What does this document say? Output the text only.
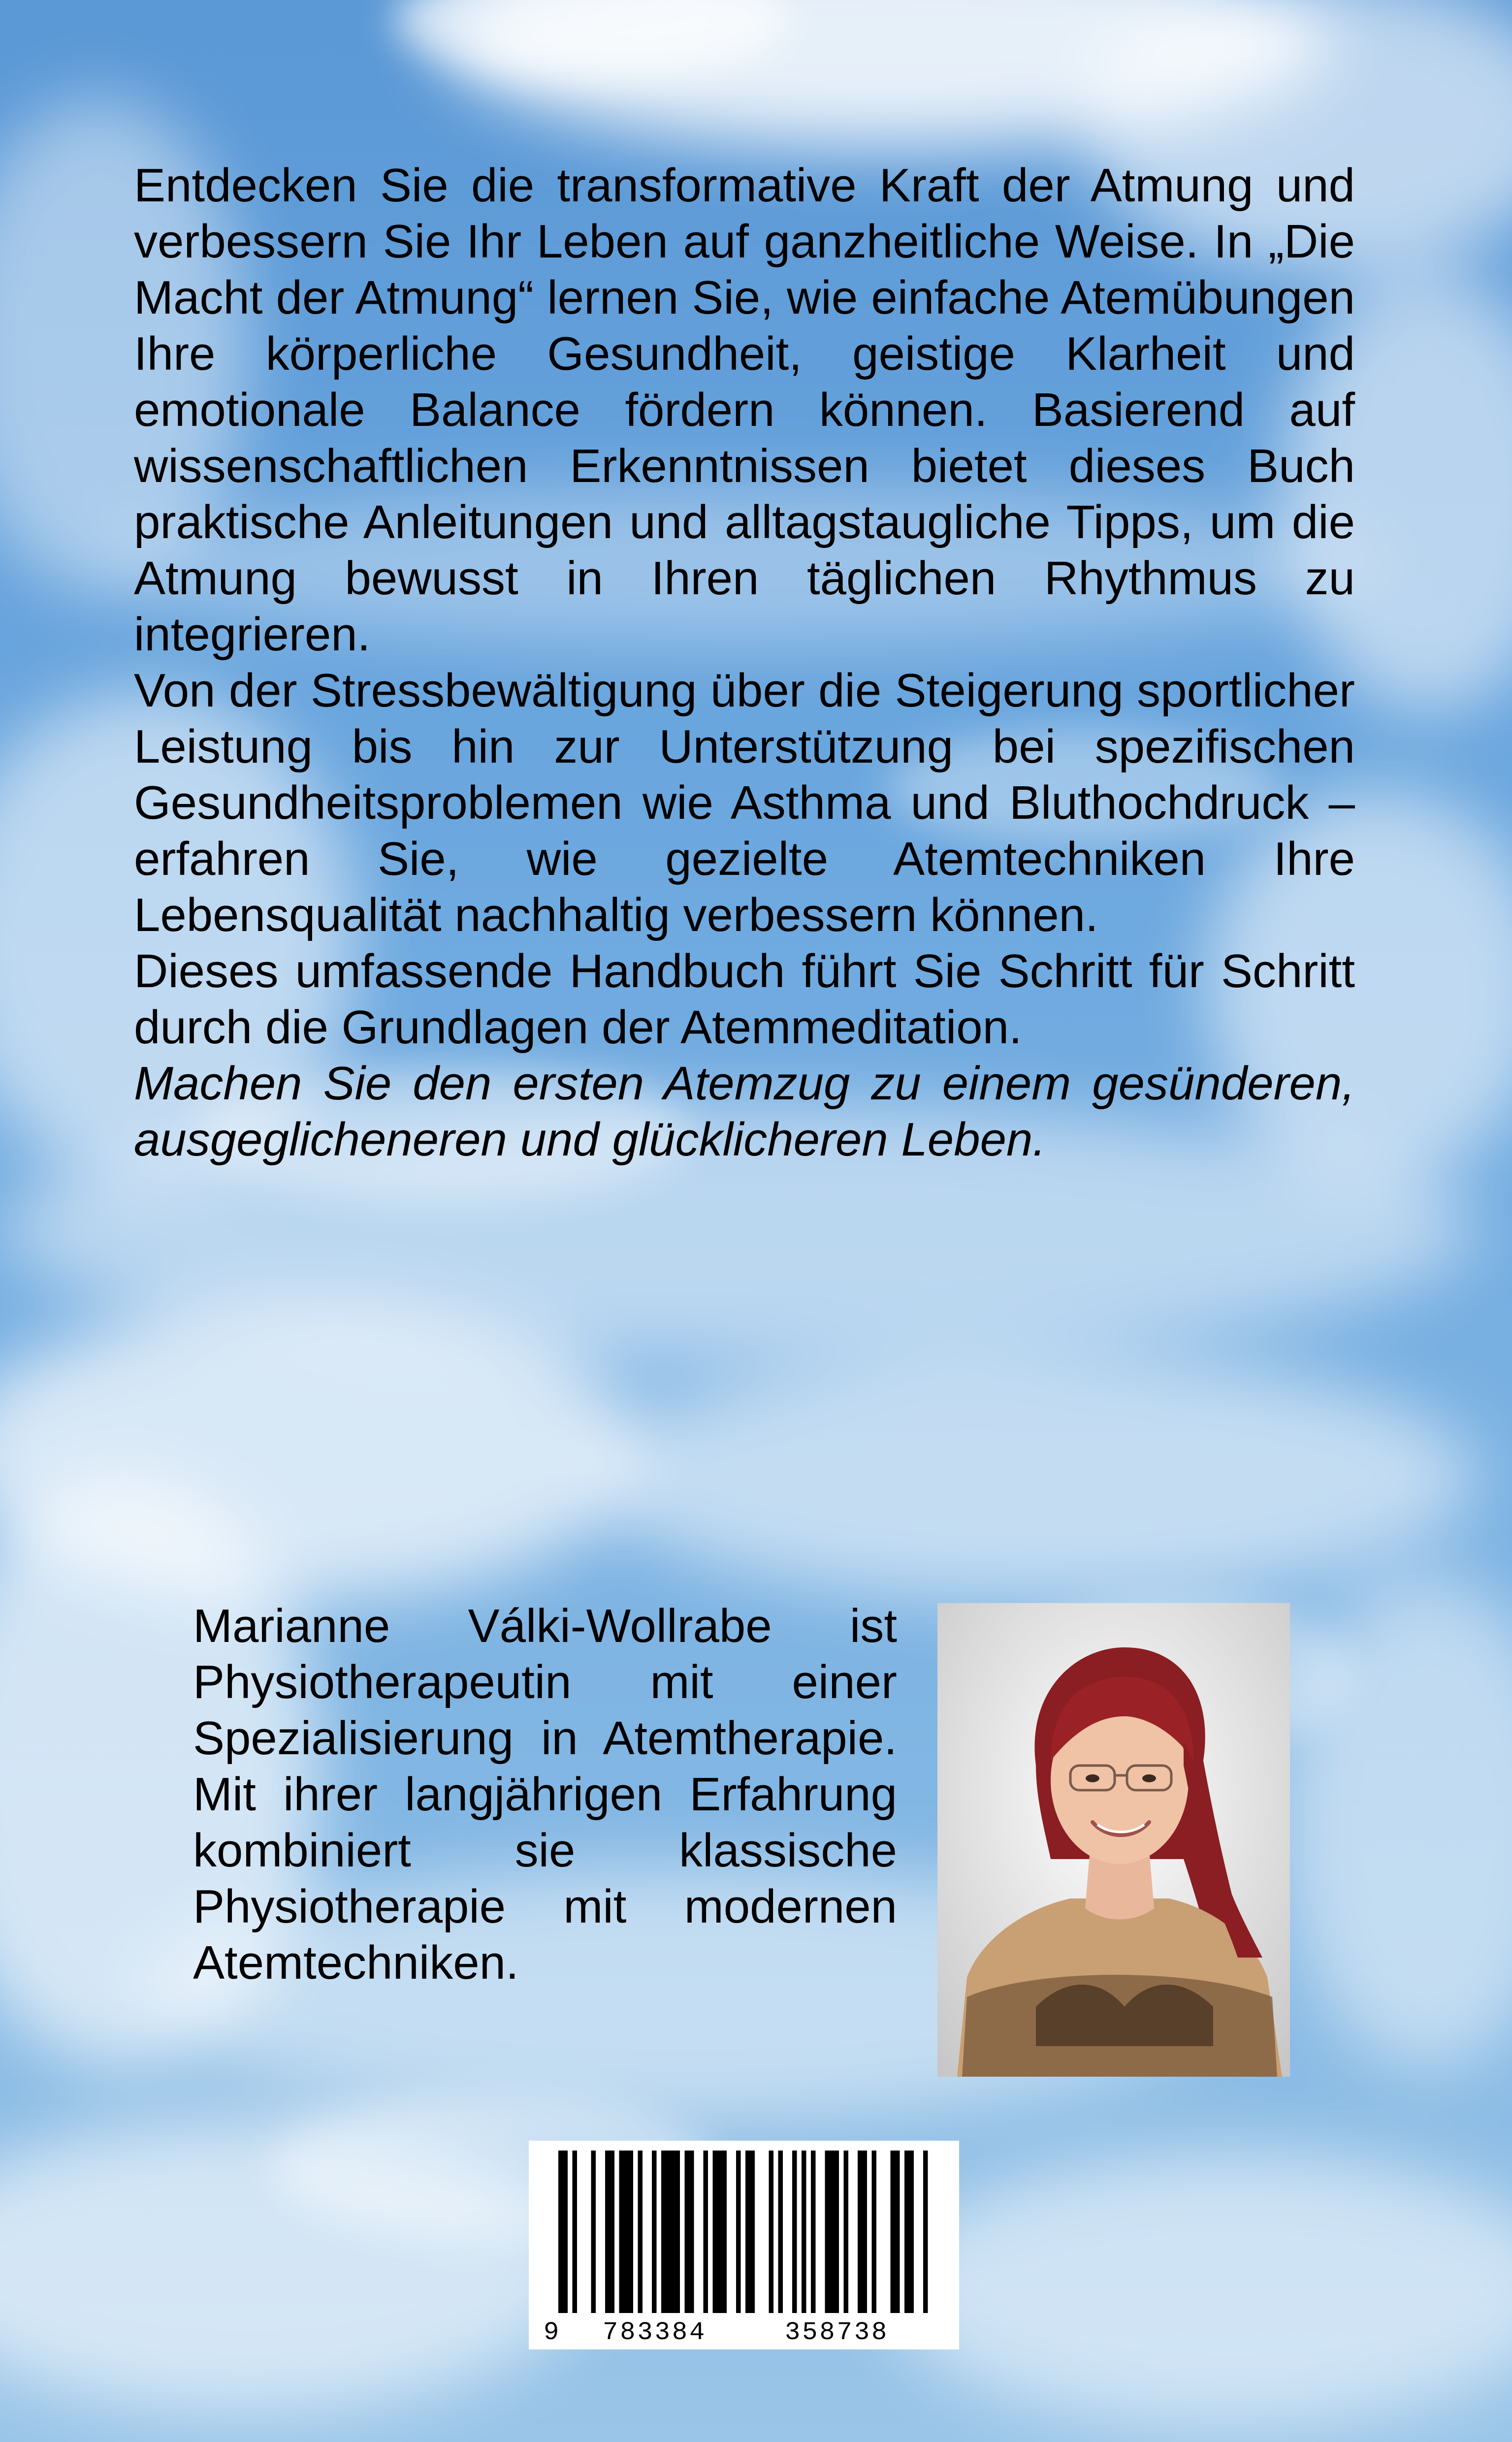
Entdecken Sie die transformative Kraft der Atmung und verbessern Sie Ihr Leben auf ganzheitliche Weise. In „Die Macht der Atmung“ lernen Sie, wie einfache Atemübungen Ihre körperliche Gesundheit, geistige Klarheit und emotionale Balance fördern können. Basierend auf wissenschaftlichen Erkenntnissen bietet dieses Buch praktische Anleitungen und alltagstaugliche Tipps, um die Atmung bewusst in Ihren täglichen Rhythmus zu integrieren.

Von der Stressbewältigung über die Steigerung sportlicher Leistung bis hin zur Unterstützung bei spezifischen Gesundheitsproblemen wie Asthma und Bluthochdruck – erfahren Sie, wie gezielte Atemtechniken Ihre Lebensqualität nachhaltig verbessern können.

Dieses umfassende Handbuch führt Sie Schritt für Schritt durch die Grundlagen der Atemmeditation.

Machen Sie den ersten Atemzug zu einem gesünderen, ausgeglicheneren und glücklicheren Leben.

Marianne Válki-Wollrabe ist Physiotherapeutin mit einer Spezialisierung in Atemtherapie. Mit ihrer langjährigen Erfahrung kombiniert sie klassische Physiotherapie mit modernen Atemtechniken.

9 783384	358738
